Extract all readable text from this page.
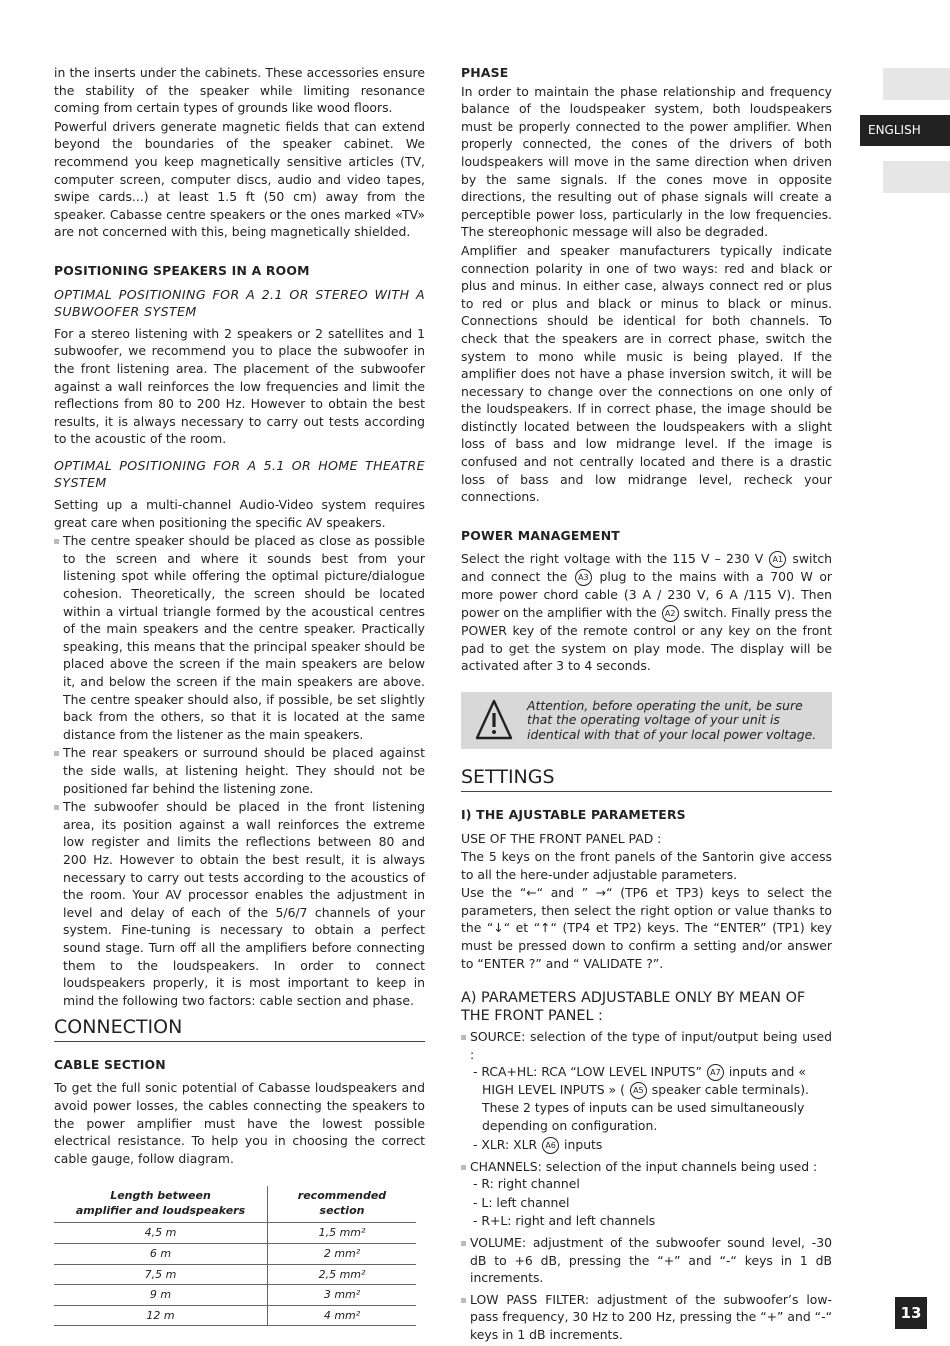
ENGLISH

in the inserts under the cabinets. These accessories ensure the stability of the speaker while limiting resonance coming from certain types of grounds like wood floors.

Powerful drivers generate magnetic fields that can extend beyond the boundaries of the speaker cabinet. We recommend you keep magnetically sensitive articles (TV, computer screen, computer discs, audio and video tapes, swipe cards...) at least 1.5 ft (50 cm) away from the speaker. Cabasse centre speakers or the ones marked «TV» are not concerned with this, being magnetically shielded.

POSITIONING SPEAKERS IN A ROOM
OPTIMAL POSITIONING FOR A 2.1 OR STEREO WITH A SUBWOOFER SYSTEM

For a stereo listening with 2 speakers or 2 satellites and 1 subwoofer, we recommend you to place the subwoofer in the front listening area. The placement of the subwoofer against a wall reinforces the low frequencies and limit the reflections from 80 to 200 Hz. However to obtain the best results, it is always necessary to carry out tests according to the acoustic of the room.

OPTIMAL POSITIONING FOR A 5.1 OR HOME THEATRE SYSTEM

Setting up a multi-channel Audio-Video system requires great care when positioning the specific AV speakers.

The centre speaker should be placed as close as possible to the screen and where it sounds best from your listening spot while offering the optimal picture/dialogue cohesion. Theoretically, the screen should be located within a virtual triangle formed by the acoustical centres of the main speakers and the centre speaker. Practically speaking, this means that the principal speaker should be placed above the screen if the main speakers are below it, and below the screen if the main speakers are above. The centre speaker should also, if possible, be set slightly back from the others, so that it is located at the same distance from the listener as the main speakers.
The rear speakers or surround should be placed against the side walls, at listening height. They should not be positioned far behind the listening zone.
The subwoofer should be placed in the front listening area, its position against a wall reinforces the extreme low register and limits the reflections between 80 and 200 Hz. However to obtain the best result, it is always necessary to carry out tests according to the acoustics of the room. Your AV processor enables the adjustment in level and delay of each of the 5/6/7 channels of your system. Fine-tuning is necessary to obtain a perfect sound stage. Turn off all the amplifiers before connecting them to the loudspeakers. In order to connect loudspeakers properly, it is most important to keep in mind the following two factors: cable section and phase.
CONNECTION
CABLE SECTION

To get the full sonic potential of Cabasse loudspeakers and avoid power losses, the cables connecting the speakers to the power amplifier must have the lowest possible electrical resistance. To help you in choosing the correct cable gauge, follow diagram.

Length between
amplifier and loudspeakers	recommended
section
4,5 m	1,5 mm²
6 m	2 mm²
7,5 m	2,5 mm²
9 m	3 mm²
12 m	4 mm²
PHASE

In order to maintain the phase relationship and frequency balance of the loudspeaker system, both loudspeakers must be properly connected to the power amplifier. When properly connected, the cones of the drivers of both loudspeakers will move in the same direction when driven by the same signals. If the cones move in opposite directions, the resulting out of phase signals will create a perceptible power loss, particularly in the low frequencies. The stereophonic message will also be degraded.

Amplifier and speaker manufacturers typically indicate connection polarity in one of two ways: red and black or plus and minus. In either case, always connect red or plus to red or plus and black or minus to black or minus. Connections should be identical for both channels. To check that the speakers are in correct phase, switch the system to mono while music is being played. If the amplifier does not have a phase inversion switch, it will be necessary to change over the connections on one only of the loudspeakers. If in correct phase, the image should be distinctly located between the loudspeakers with a slight loss of bass and low midrange level. If the image is confused and not centrally located and there is a drastic loss of bass and low midrange level, recheck your connections.

POWER MANAGEMENT

Select the right voltage with the 115 V – 230 V A1 switch and connect the A3 plug to the mains with a 700 W or more power chord cable (3 A / 230 V, 6 A /115 V). Then power on the amplifier with the A2 switch. Finally press the POWER key of the remote control or any key on the front pad to get the system on play mode. The display will be activated after 3 to 4 seconds.

Attention, before operating the unit, be sure that the operating voltage of your unit is identical with that of your local power voltage.
SETTINGS
I) THE AJUSTABLE PARAMETERS

USE OF THE FRONT PANEL PAD :

The 5 keys on the front panels of the Santorin give access to all the here-under adjustable parameters.

Use the “←“ and ” →“ (TP6 et TP3) keys to select the parameters, then select the right option or value thanks to the “↓“ et “↑“ (TP4 et TP2) keys. The “ENTER” (TP1) key must be pressed down to confirm a setting and/or answer to “ENTER ?” and “ VALIDATE ?”.

A) PARAMETERS ADJUSTABLE ONLY BY MEAN OF THE FRONT PANEL :
SOURCE: selection of the type of input/output being used :
- RCA+HL: RCA “LOW LEVEL INPUTS” A7 inputs and « HIGH LEVEL INPUTS » ( A5 speaker cable terminals). These 2 types of inputs can be used simultaneously depending on configuration.
- XLR: XLR A6 inputs
CHANNELS: selection of the input channels being used :
- R: right channel
- L: left channel
- R+L: right and left channels
VOLUME: adjustment of the subwoofer sound level, -30 dB to +6 dB, pressing the “+” and “-“ keys in 1 dB increments.
LOW PASS FILTER: adjustment of the subwoofer’s low-pass frequency, 30 Hz to 200 Hz, pressing the “+” and “-“ keys in 1 dB increments.
13
